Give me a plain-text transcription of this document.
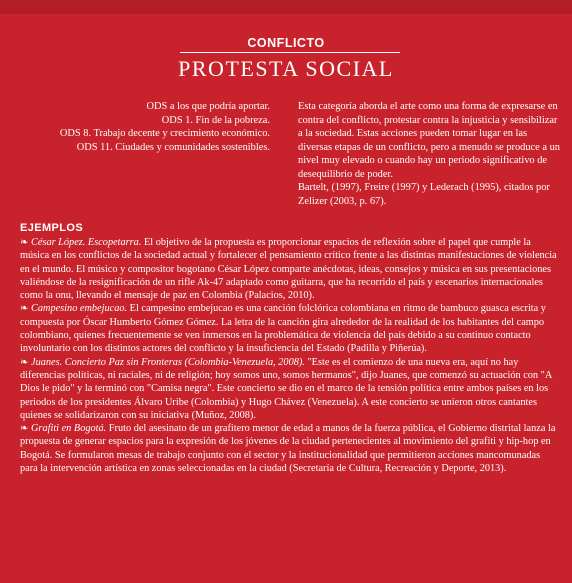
CONFLICTO
PROTESTA SOCIAL
ODS a los que podría aportar.
ODS 1. Fin de la pobreza.
ODS 8. Trabajo decente y crecimiento económico.
ODS 11. Ciudades y comunidades sostenibles.

Esta categoría aborda el arte como una forma de expresarse en contra del conflicto, protestar contra la injusticia y sensibilizar a la sociedad. Estas acciones pueden tomar lugar en las diversas etapas de un conflicto, pero a menudo se produce a un nivel muy elevado o cuando hay un periodo significativo de desequilibrio de poder.

Bartelt, (1997), Freire (1997) y Lederach (1995), citados por Zelizer (2003, p. 67).

EJEMPLOS

❧ César López. Escopetarra. El objetivo de la propuesta es proporcionar espacios de reflexión sobre el papel que cumple la música en los conflictos de la sociedad actual y fortalecer el pensamiento crítico frente a las distintas manifestaciones de violencia en el mundo. El músico y compositor bogotano César López comparte anécdotas, ideas, consejos y música en sus presentaciones valiéndose de la resignificación de un rifle Ak-47 adaptado como guitarra, que ha recorrido el país y escenarios internacionales como la onu, llevando el mensaje de paz en Colombia (Palacios, 2010).

❧ Campesino embejucao. El campesino embejucao es una canción folclórica colombiana en ritmo de bambuco guasca escrita y compuesta por Óscar Humberto Gómez Gómez. La letra de la canción gira alrededor de la realidad de los habitantes del campo colombiano, quienes frecuentemente se ven inmersos en la problemática de violencia del país debido a su continuo contacto involuntario con los distintos actores del conflicto y la insuficiencia del Estado (Padilla y Piñerúa).

❧ Juanes. Concierto Paz sin Fronteras (Colombia-Venezuela, 2008). "Este es el comienzo de una nueva era, aquí no hay diferencias políticas, ni raciales, ni de religión; hoy somos uno, somos hermanos", dijo Juanes, que comenzó su actuación con "A Dios le pido" y la terminó con "Camisa negra". Este concierto se dio en el marco de la tensión política entre ambos países en los periodos de los presidentes Álvaro Uribe (Colombia) y Hugo Chávez (Venezuela). A este concierto se unieron otros cantantes quienes se solidarizaron con su iniciativa (Muñoz, 2008).

❧ Grafiti en Bogotá. Fruto del asesinato de un grafitero menor de edad a manos de la fuerza pública, el Gobierno distrital lanza la propuesta de generar espacios para la expresión de los jóvenes de la ciudad pertenecientes al movimiento del grafiti y hip-hop en Bogotá. Se formularon mesas de trabajo conjunto con el sector y la institucionalidad que permitieron acciones mancomunadas para la intervención artística en zonas seleccionadas en la ciudad (Secretaría de Cultura, Recreación y Deporte, 2013).
